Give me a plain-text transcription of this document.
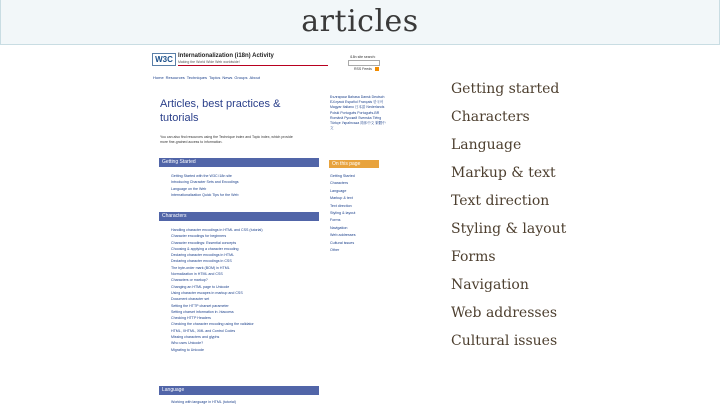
articles
W3C Internationalization (i18n) Activity
Making the World Wide Web worldwide!
i18n site search:
RSS Feeds
Home Resources Techniques Topics News Groups About
Articles, best practices & tutorials
You can also find resources using the Technique index and Topic index, which provide more fine-grained access to information.
Български Bahasa Dansk Deutsch Ελληνικά Español Français 한국어 Magyar Italiano 日本語 Nederlands Polski Português Português-BR Română Русский Svenska Tiếng Türkçe Українська 简体中文 繁體中文
On this page
Getting Started
Characters
Language
Markup & text
Text direction
Styling & layout
Forms
Navigation
Web addresses
Cultural issues
Other
Getting Started
Getting Started with the W3C i18n site
Introducing Character Sets and Encodings
Language on the Web
Internationalization Quick Tips for the Web
Characters
Handling character encodings in HTML and CSS (tutorial)
Character encodings for beginners
Character encodings: Essential concepts
Choosing & applying a character encoding
Declaring character encodings in HTML
Declaring character encodings in CSS
The byte-order mark (BOM) in HTML
Normalization in HTML and CSS
Characters or markup?
Changing an HTML page to Unicode
Using character escapes in markup and CSS
Document character set
Setting the HTTP charset parameter
Setting charset information in .htaccess
Checking HTTP Headers
Checking the character encoding using the validator
HTML, XHTML, XML and Control Codes
Missing characters and glyphs
Who uses Unicode?
Migrating to Unicode
Language
Working with language in HTML (tutorial)
Getting started
Characters
Language
Markup & text
Text direction
Styling & layout
Forms
Navigation
Web addresses
Cultural issues
